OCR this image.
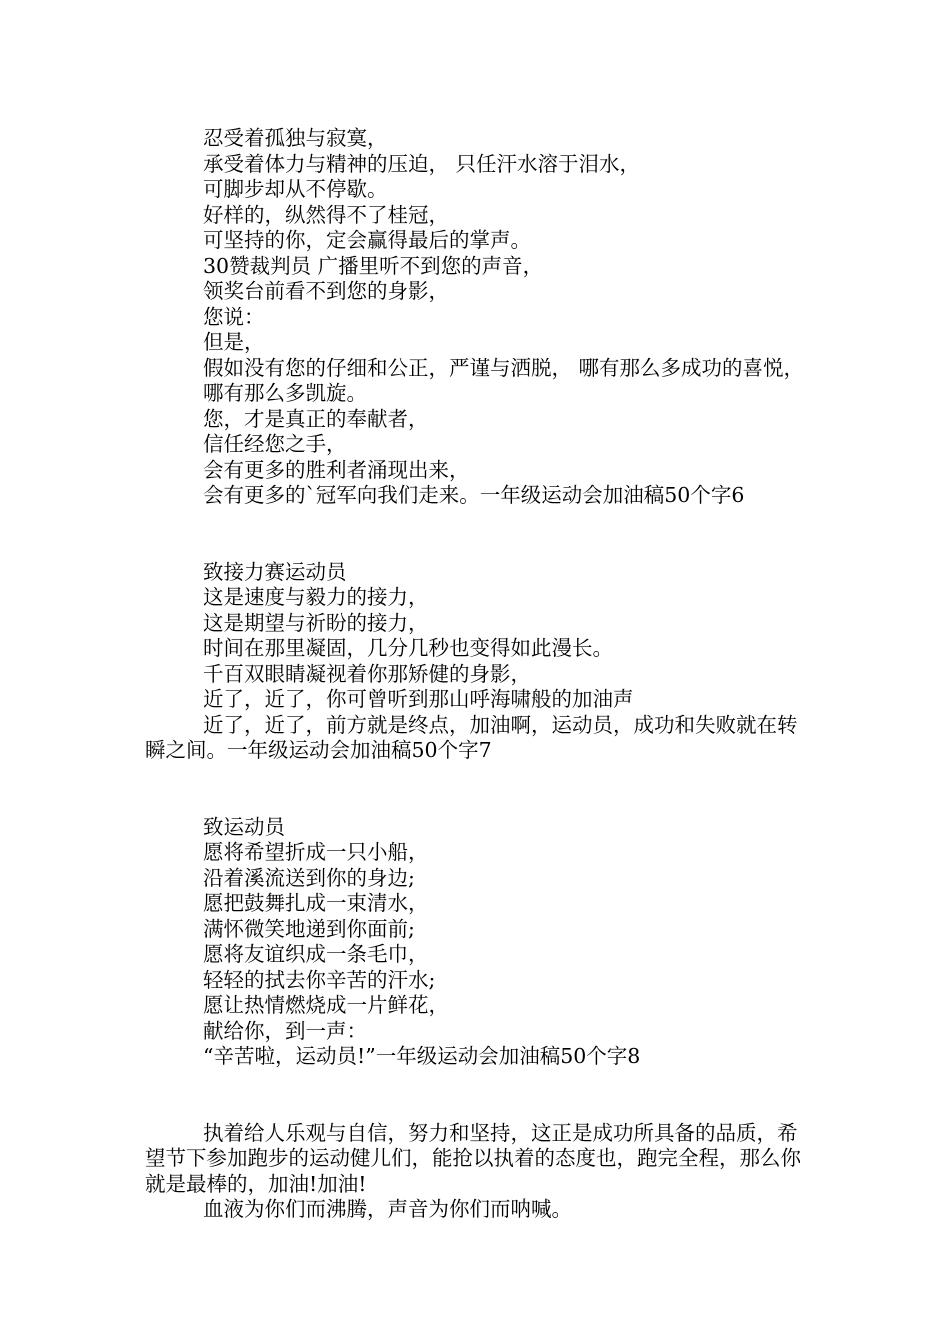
忍受着孤独与寂寞，
承受着体力与精神的压迫， 只任汗水溶于泪水，
可脚步却从不停歇。
好样的，纵然得不了桂冠，
可坚持的你，定会赢得最后的掌声。
30赞裁判员 广播里听不到您的声音，
领奖台前看不到您的身影，
您说：
但是，
假如没有您的仔细和公正，严谨与洒脱， 哪有那么多成功的喜悦，
哪有那么多凯旋。
您，才是真正的奉献者，
信任经您之手，
会有更多的胜利者涌现出来，
会有更多的`冠军向我们走来。一年级运动会加油稿50个字6
致接力赛运动员
这是速度与毅力的接力，
这是期望与祈盼的接力，
时间在那里凝固，几分几秒也变得如此漫长。
千百双眼睛凝视着你那矫健的身影，
近了，近了，你可曾听到那山呼海啸般的加油声
近了，近了，前方就是终点，加油啊，运动员，成功和失败就在转瞬之间。一年级运动会加油稿50个字7
致运动员
愿将希望折成一只小船，
沿着溪流送到你的身边;
愿把鼓舞扎成一束清水，
满怀微笑地递到你面前;
愿将友谊织成一条毛巾，
轻轻的拭去你辛苦的汗水;
愿让热情燃烧成一片鲜花，
献给你，到一声：
“辛苦啦，运动员!”一年级运动会加油稿50个字8
执着给人乐观与自信，努力和坚持，这正是成功所具备的品质，希望节下参加跑步的运动健儿们，能抢以执着的态度也，跑完全程，那么你就是最棒的，加油!加油!
血液为你们而沸腾，声音为你们而呐喊。
